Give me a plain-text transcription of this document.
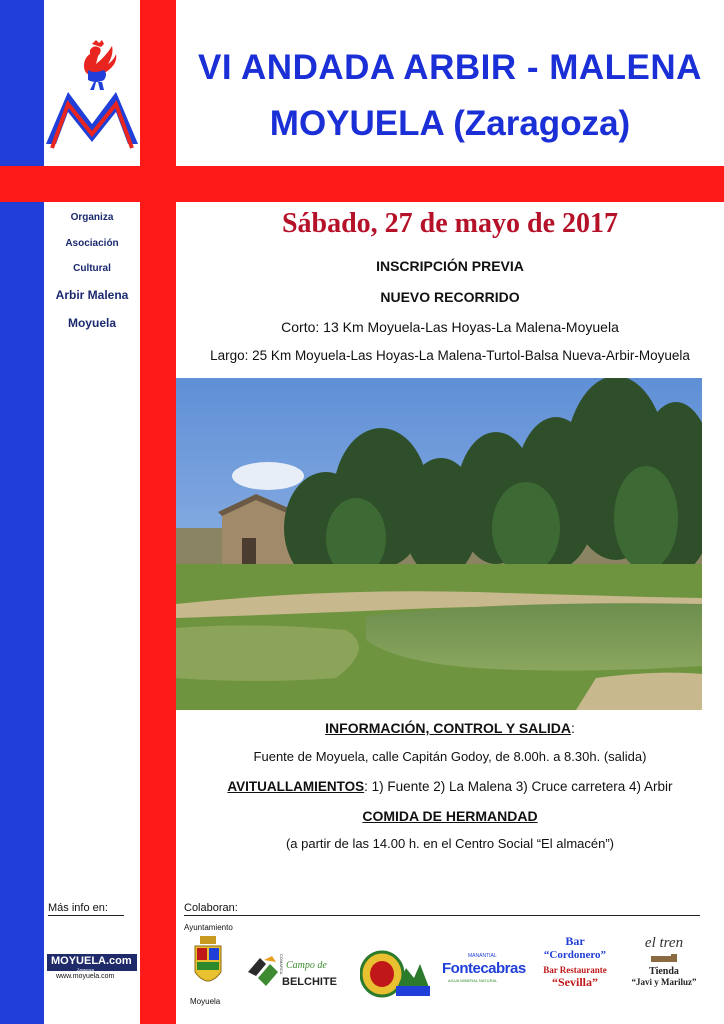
VI ANDADA ARBIR - MALENA
MOYUELA (Zaragoza)
Organiza
Asociación
Cultural
Arbir Malena
Moyuela
Sábado, 27 de mayo de 2017
INSCRIPCIÓN PREVIA
NUEVO RECORRIDO
Corto: 13 Km Moyuela-Las Hoyas-La Malena-Moyuela
Largo: 25 Km Moyuela-Las Hoyas-La Malena-Turtol-Balsa Nueva-Arbir-Moyuela
INFORMACIÓN, CONTROL Y SALIDA:
Fuente de Moyuela, calle Capitán Godoy, de 8.00h. a 8.30h. (salida)
AVITUALLAMIENTOS: 1) Fuente 2) La Malena 3) Cruce carretera 4) Arbir
COMIDA DE HERMANDAD
(a partir de las 14.00 h. en el Centro Social “El almacén”)
Más info en:
MOYUELA.com
Zaragoza
www.moyuela.com
Colaboran:
Ayuntamiento
Moyuela
COMARCA Campo de
BELCHITE
MANANTIAL
Fontecabras
AGUA MINERAL NATURAL
Bar
“Cordonero”
Bar Restaurante
“Sevilla”
el tren
Tienda
“Javi y Mariluz”
